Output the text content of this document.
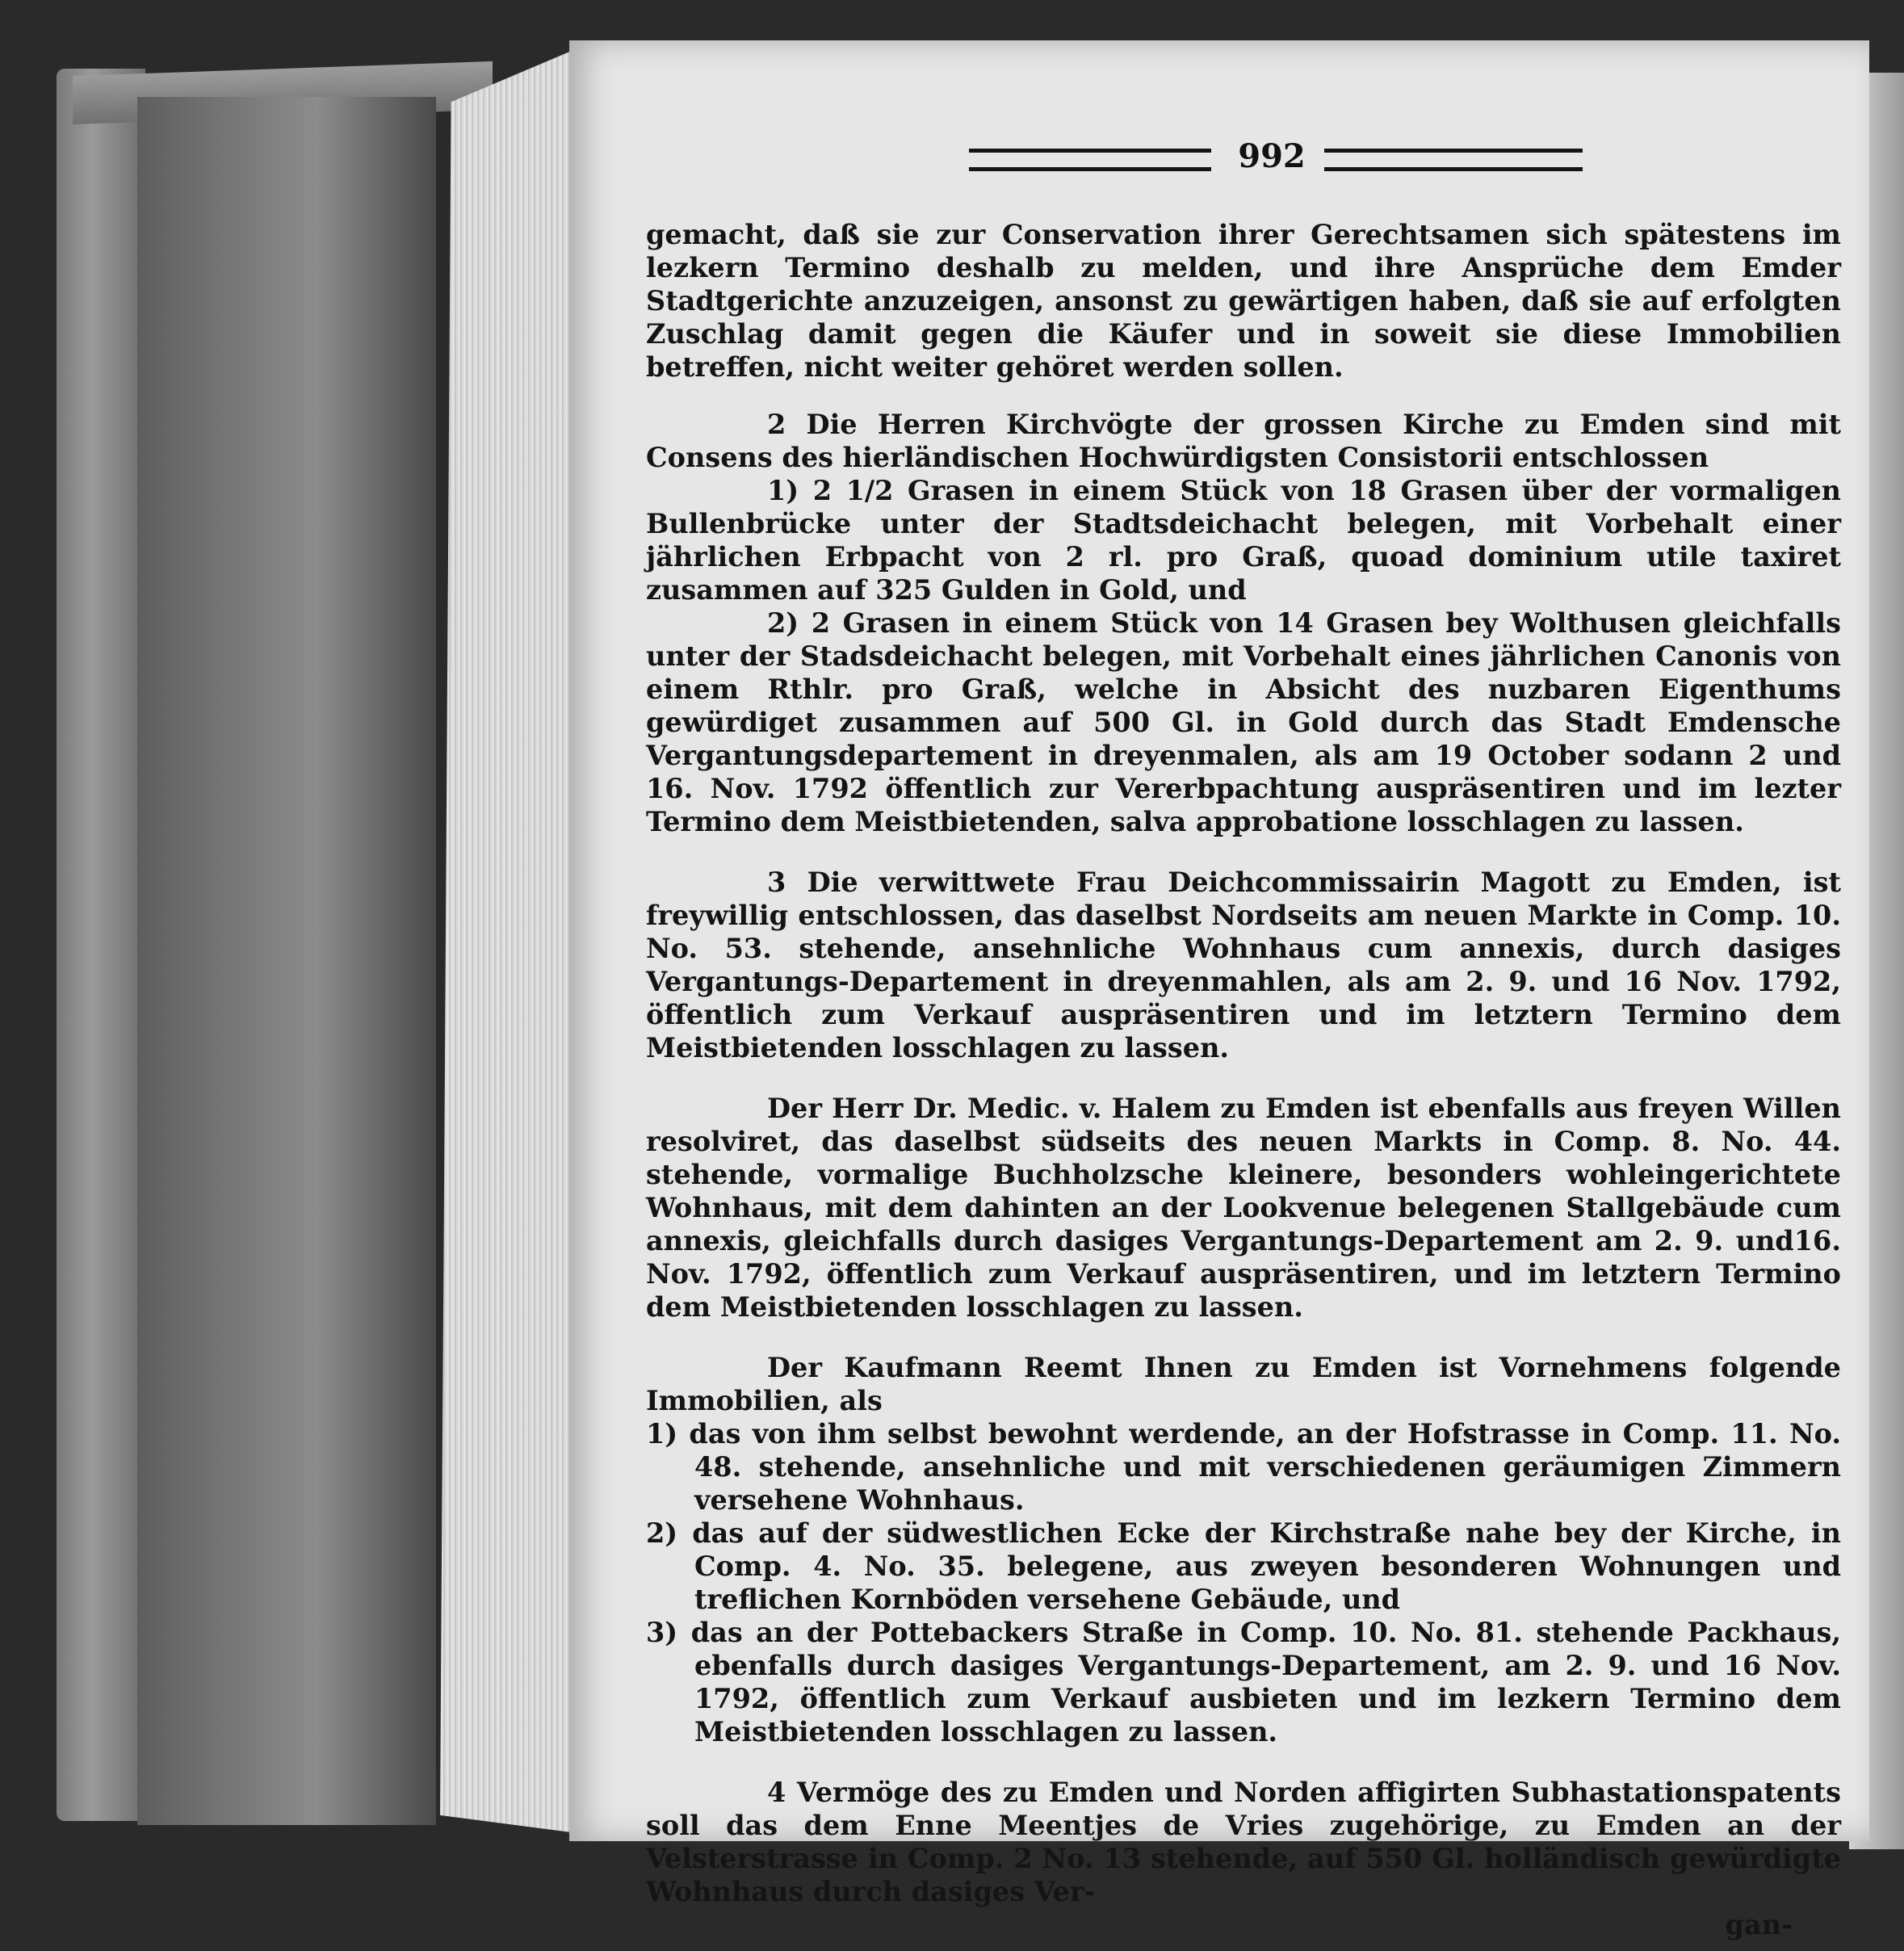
992

gemacht, daß sie zur Conservation ihrer Gerechtsamen sich spätestens im lezkern Termino deshalb zu melden, und ihre Ansprüche dem Emder Stadtgerichte anzuzeigen, ansonst zu gewärtigen haben, daß sie auf erfolgten Zuschlag damit gegen die Käufer und in soweit sie diese Immobilien betreffen, nicht weiter gehöret werden sollen.

2 Die Herren Kirchvögte der grossen Kirche zu Emden sind mit Consens des hierländischen Hochwürdigsten Consistorii entschlossen

1) 2 1/2 Grasen in einem Stück von 18 Grasen über der vormaligen Bullenbrücke unter der Stadtsdeichacht belegen, mit Vorbehalt einer jährlichen Erbpacht von 2 rl. pro Graß, quoad dominium utile taxiret zusammen auf 325 Gulden in Gold, und

2) 2 Grasen in einem Stück von 14 Grasen bey Wolthusen gleichfalls unter der Stadsdeichacht belegen, mit Vorbehalt eines jährlichen Canonis von einem Rthlr. pro Graß, welche in Absicht des nuzbaren Eigenthums gewürdiget zusammen auf 500 Gl. in Gold durch das Stadt Emdensche Vergantungsdepartement in dreyenmalen, als am 19 October sodann 2 und 16. Nov. 1792 öffentlich zur Vererbpachtung auspräsentiren und im lezter Termino dem Meistbietenden, salva approbatione losschlagen zu lassen.

3 Die verwittwete Frau Deichcommissairin Magott zu Emden, ist freywillig entschlossen, das daselbst Nordseits am neuen Markte in Comp. 10. No. 53. stehende, ansehnliche Wohnhaus cum annexis, durch dasiges Vergantungs-Departement in dreyenmahlen, als am 2. 9. und 16 Nov. 1792, öffentlich zum Verkauf auspräsentiren und im letztern Termino dem Meistbietenden losschlagen zu lassen.

Der Herr Dr. Medic. v. Halem zu Emden ist ebenfalls aus freyen Willen resolviret, das daselbst südseits des neuen Markts in Comp. 8. No. 44. stehende, vormalige Buchholzsche kleinere, besonders wohleingerichtete Wohnhaus, mit dem dahinten an der Lookvenue belegenen Stallgebäude cum annexis, gleichfalls durch dasiges Vergantungs-Departement am 2. 9. und16. Nov. 1792, öffentlich zum Verkauf auspräsentiren, und im letztern Termino dem Meistbietenden losschlagen zu lassen.

Der Kaufmann Reemt Ihnen zu Emden ist Vornehmens folgende Immobilien, als

1) das von ihm selbst bewohnt werdende, an der Hofstrasse in Comp. 11. No. 48. stehende, ansehnliche und mit verschiedenen geräumigen Zimmern versehene Wohnhaus.

2) das auf der südwestlichen Ecke der Kirchstraße nahe bey der Kirche, in Comp. 4. No. 35. belegene, aus zweyen besonderen Wohnungen und treflichen Kornböden versehene Gebäude, und

3) das an der Pottebackers Straße in Comp. 10. No. 81. stehende Packhaus, ebenfalls durch dasiges Vergantungs-Departement, am 2. 9. und 16 Nov. 1792, öffentlich zum Verkauf ausbieten und im lezkern Termino dem Meistbietenden losschlagen zu lassen.

4 Vermöge des zu Emden und Norden affigirten Subhastationspatents soll das dem Enne Meentjes de Vries zugehörige, zu Emden an der Velsterstrasse in Comp. 2 No. 13 stehende, auf 550 Gl. holländisch gewürdigte Wohnhaus durch dasiges Ver-

gan-
